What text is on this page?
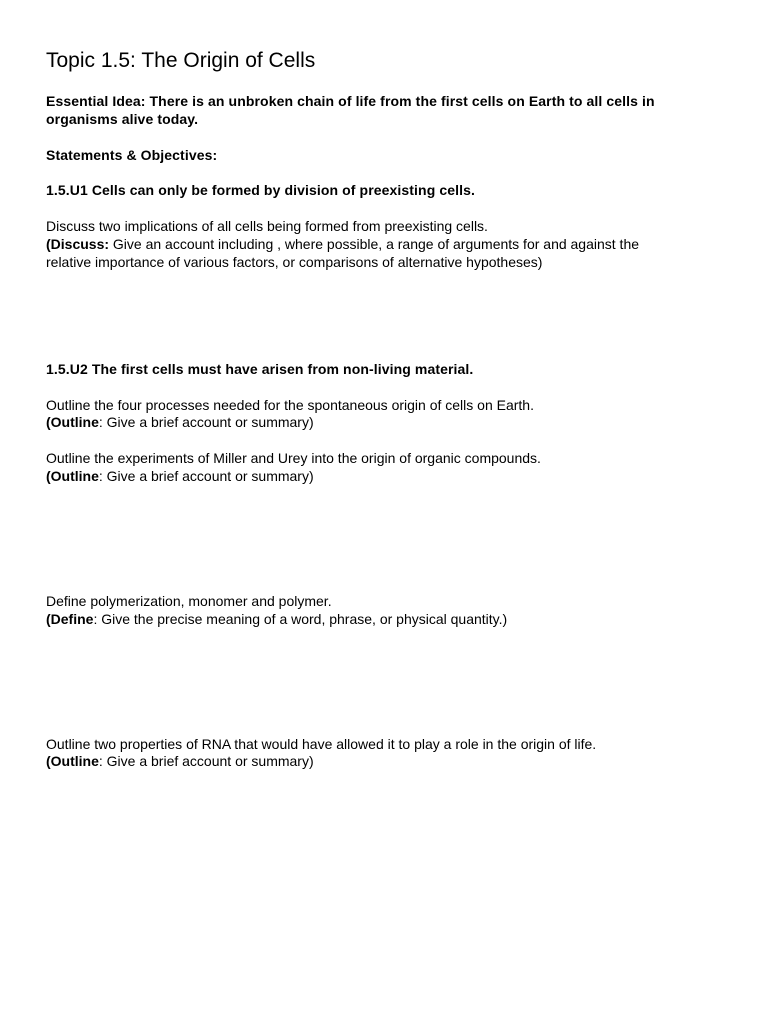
Topic 1.5: The Origin of Cells

Essential Idea: There is an unbroken chain of life from the first cells on Earth to all cells in

organisms alive today.

Statements & Objectives:

1.5.U1 Cells can only be formed by division of preexisting cells.

Discuss two implications of all cells being formed from preexisting cells.

(Discuss: Give an account including , where possible, a range of arguments for and against the

relative importance of various factors, or comparisons of alternative hypotheses)

1.5.U2 The first cells must have arisen from non-living material.

Outline the four processes needed for the spontaneous origin of cells on Earth.

(Outline: Give a brief account or summary)

Outline the experiments of Miller and Urey into the origin of organic compounds.

(Outline: Give a brief account or summary)

Define polymerization, monomer and polymer.

(Define: Give the precise meaning of a word, phrase, or physical quantity.)

Outline two properties of RNA that would have allowed it to play a role in the origin of life.

(Outline: Give a brief account or summary)
